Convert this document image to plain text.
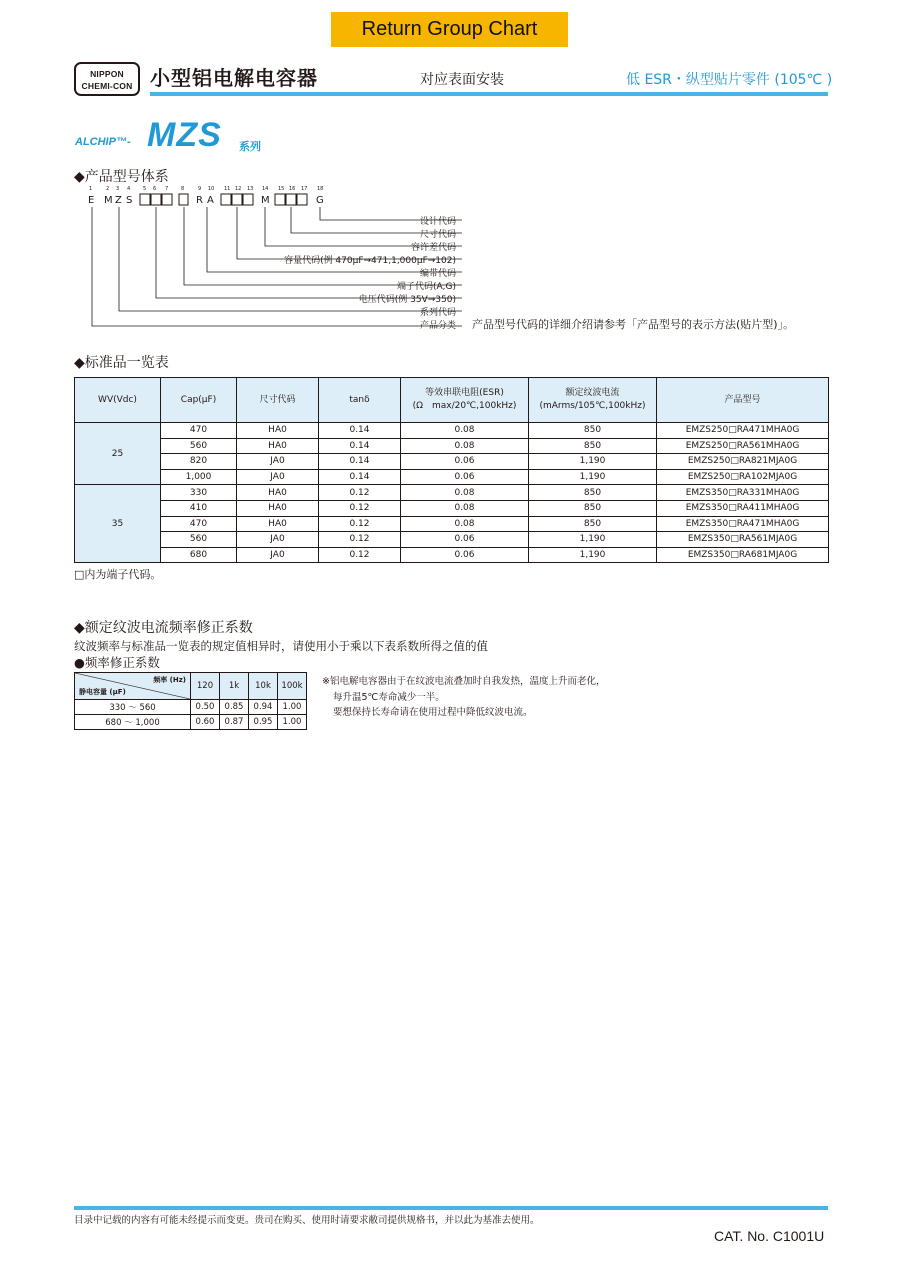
Return Group Chart
NIPPON
CHEMI-CON 小型铝电解电容器	对应表面安装	低 ESR・纵型贴片零件 (105℃ )
ALCHIP™- MZS 系列
◆产品型号体系
1	2 3 4	5 6 7	8	9 10 11 12 13 14 15 16 17 18
E M Z S	R A	M	G
设计代码
尺寸代码
容许差代码
容量代码(例 470μF→471,1,000μF→102)
编带代码
端子代码(A,G)
电压代码(例 35V→350)
系列代码
产品分类 产品型号代码的详细介绍请参考「产品型号的表示方法(贴片型)」。
◆标准品一览表
WV(Vdc)	Cap(μF)	尺寸代码	tanδ	等效串联电阻(ESR)
(Ω　max/20℃,100kHz)	额定纹波电流
(mArms/105℃,100kHz)	产品型号
25	470	HA0	0.14	0.08	850	EMZS250□RA471MHA0G
	560	HA0	0.14	0.08	850	EMZS250□RA561MHA0G
	820	JA0	0.14	0.06	1,190	EMZS250□RA821MJA0G
	1,000	JA0	0.14	0.06	1,190	EMZS250□RA102MJA0G
35	330	HA0	0.12	0.08	850	EMZS350□RA331MHA0G
	410	HA0	0.12	0.08	850	EMZS350□RA411MHA0G
	470	HA0	0.12	0.08	850	EMZS350□RA471MHA0G
	560	JA0	0.12	0.06	1,190	EMZS350□RA561MJA0G
	680	JA0	0.12	0.06	1,190	EMZS350□RA681MJA0G
□内为端子代码。
◆额定纹波电流频率修正系数
纹波频率与标准品一览表的规定值相异时，请使用小于乘以下表系数所得之值的值
●频率修正系数
频率 (Hz)
静电容量 (μF)	120	1k	10k	100k
330 〜 560	0.50	0.85	0.94	1.00
680 〜 1,000	0.60	0.87	0.95	1.00
※铝电解电容器由于在纹波电流叠加时自我发热，温度上升而老化，
每升温5℃寿命减少一半。
要想保持长寿命请在使用过程中降低纹波电流。
目录中记载的内容有可能未经提示而变更。贵司在购买、使用时请要求敝司提供规格书，并以此为基准去使用。
CAT. No. C1001U
